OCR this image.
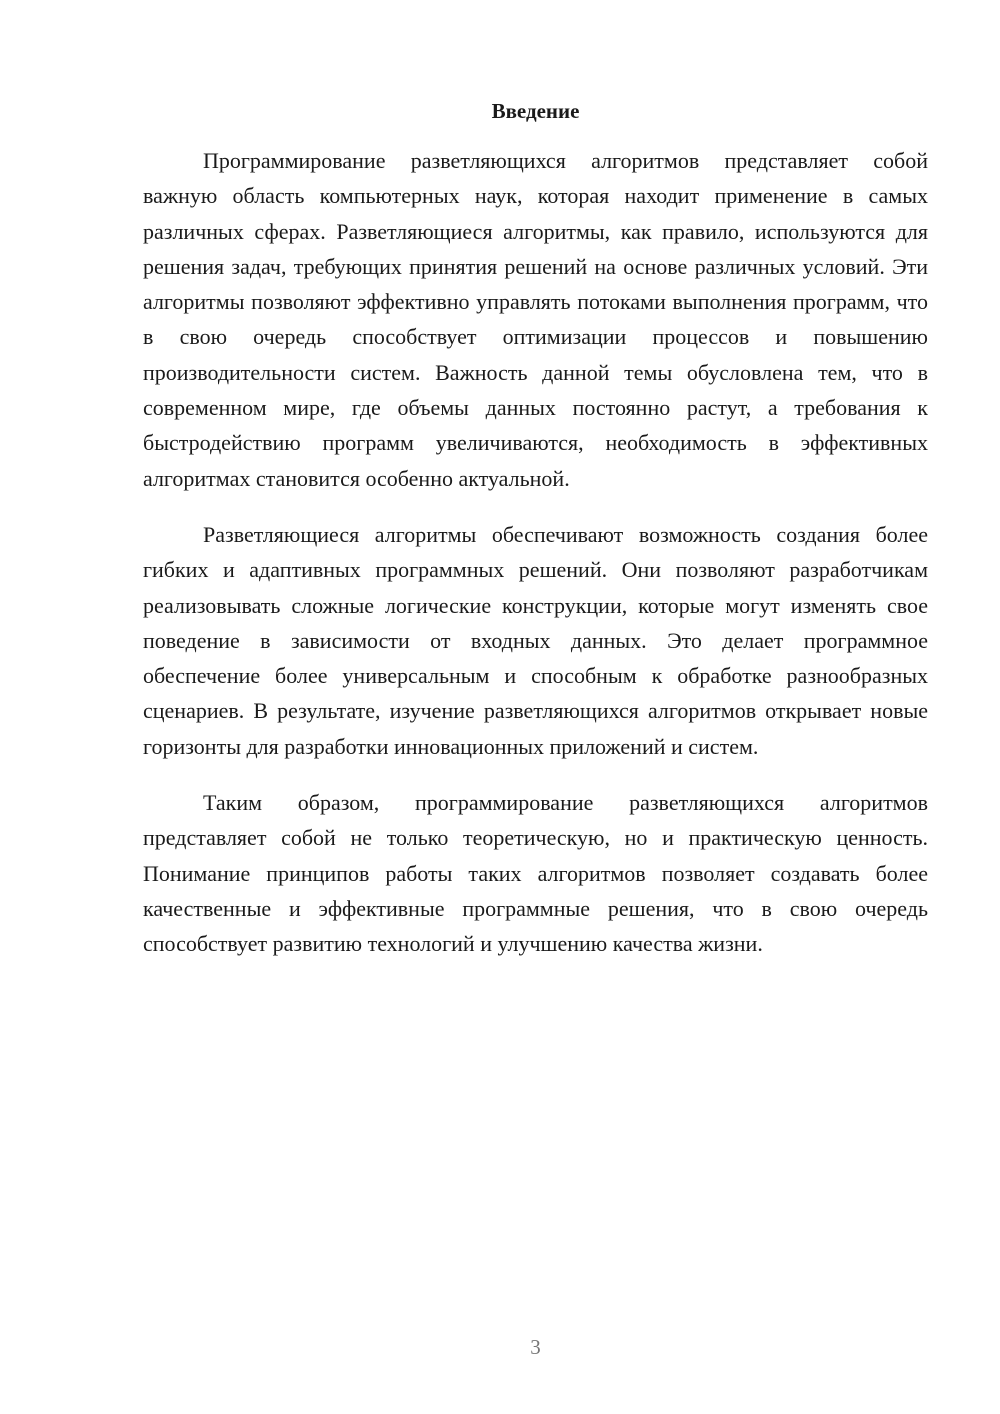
Введение

Программирование разветляющихся алгоритмов представляет собой важную область компьютерных наук, которая находит применение в самых различных сферах. Разветляющиеся алгоритмы, как правило, используются для решения задач, требующих принятия решений на основе различных условий. Эти алгоритмы позволяют эффективно управлять потоками выполнения программ, что в свою очередь способствует оптимизации процессов и повышению производительности систем. Важность данной темы обусловлена тем, что в современном мире, где объемы данных постоянно растут, а требования к быстродействию программ увеличиваются, необходимость в эффективных алгоритмах становится особенно актуальной.

Разветляющиеся алгоритмы обеспечивают возможность создания более гибких и адаптивных программных решений. Они позволяют разработчикам реализовывать сложные логические конструкции, которые могут изменять свое поведение в зависимости от входных данных. Это делает программное обеспечение более универсальным и способным к обработке разнообразных сценариев. В результате, изучение разветляющихся алгоритмов открывает новые горизонты для разработки инновационных приложений и систем.

Таким образом, программирование разветляющихся алгоритмов представляет собой не только теоретическую, но и практическую ценность. Понимание принципов работы таких алгоритмов позволяет создавать более качественные и эффективные программные решения, что в свою очередь способствует развитию технологий и улучшению качества жизни.

3
